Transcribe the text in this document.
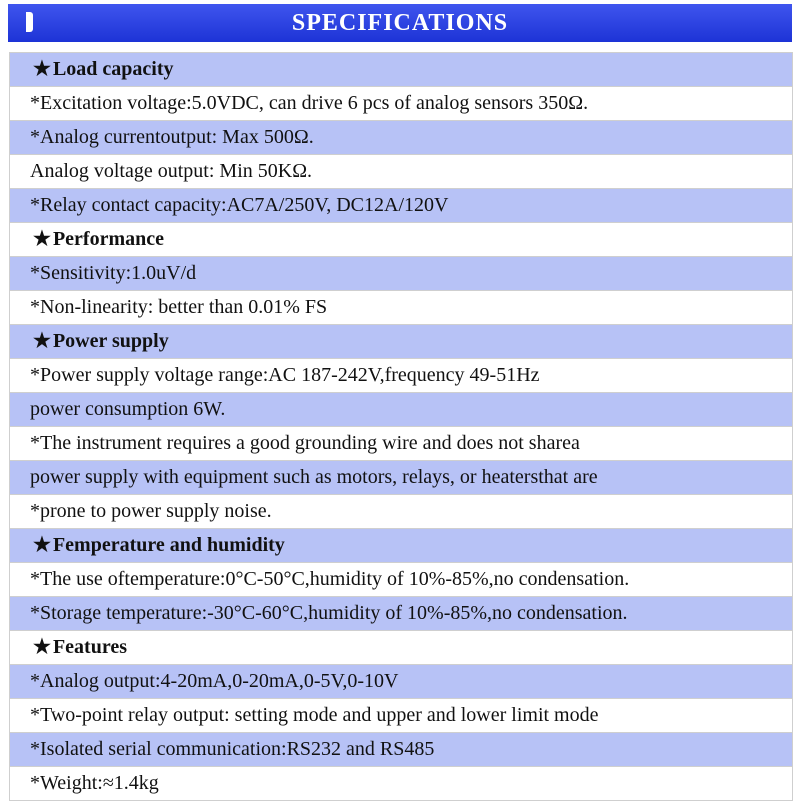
SPECIFICATIONS
★ Load capacity
*Excitation voltage:5.0VDC, can drive 6 pcs of analog sensors 350Ω.
*Analog currentoutput: Max 500Ω.
Analog voltage output: Min 50KΩ.
*Relay contact capacity:AC7A/250V, DC12A/120V
★ Performance
*Sensitivity:1.0uV/d
*Non-linearity: better than 0.01% FS
★ Power supply
*Power supply voltage range:AC 187-242V,frequency 49-51Hz
power consumption 6W.
*The instrument requires a good grounding wire and does not sharea
power supply with equipment such as motors, relays, or heatersthat are
*prone to power supply noise.
★ Femperature and humidity
*The use oftemperature:0°C-50°C,humidity of 10%-85%,no condensation.
*Storage temperature:-30°C-60°C,humidity of 10%-85%,no condensation.
★ Features
*Analog output:4-20mA,0-20mA,0-5V,0-10V
*Two-point relay output: setting mode and upper and lower limit mode
*Isolated serial communication:RS232 and RS485
*Weight:≈1.4kg
